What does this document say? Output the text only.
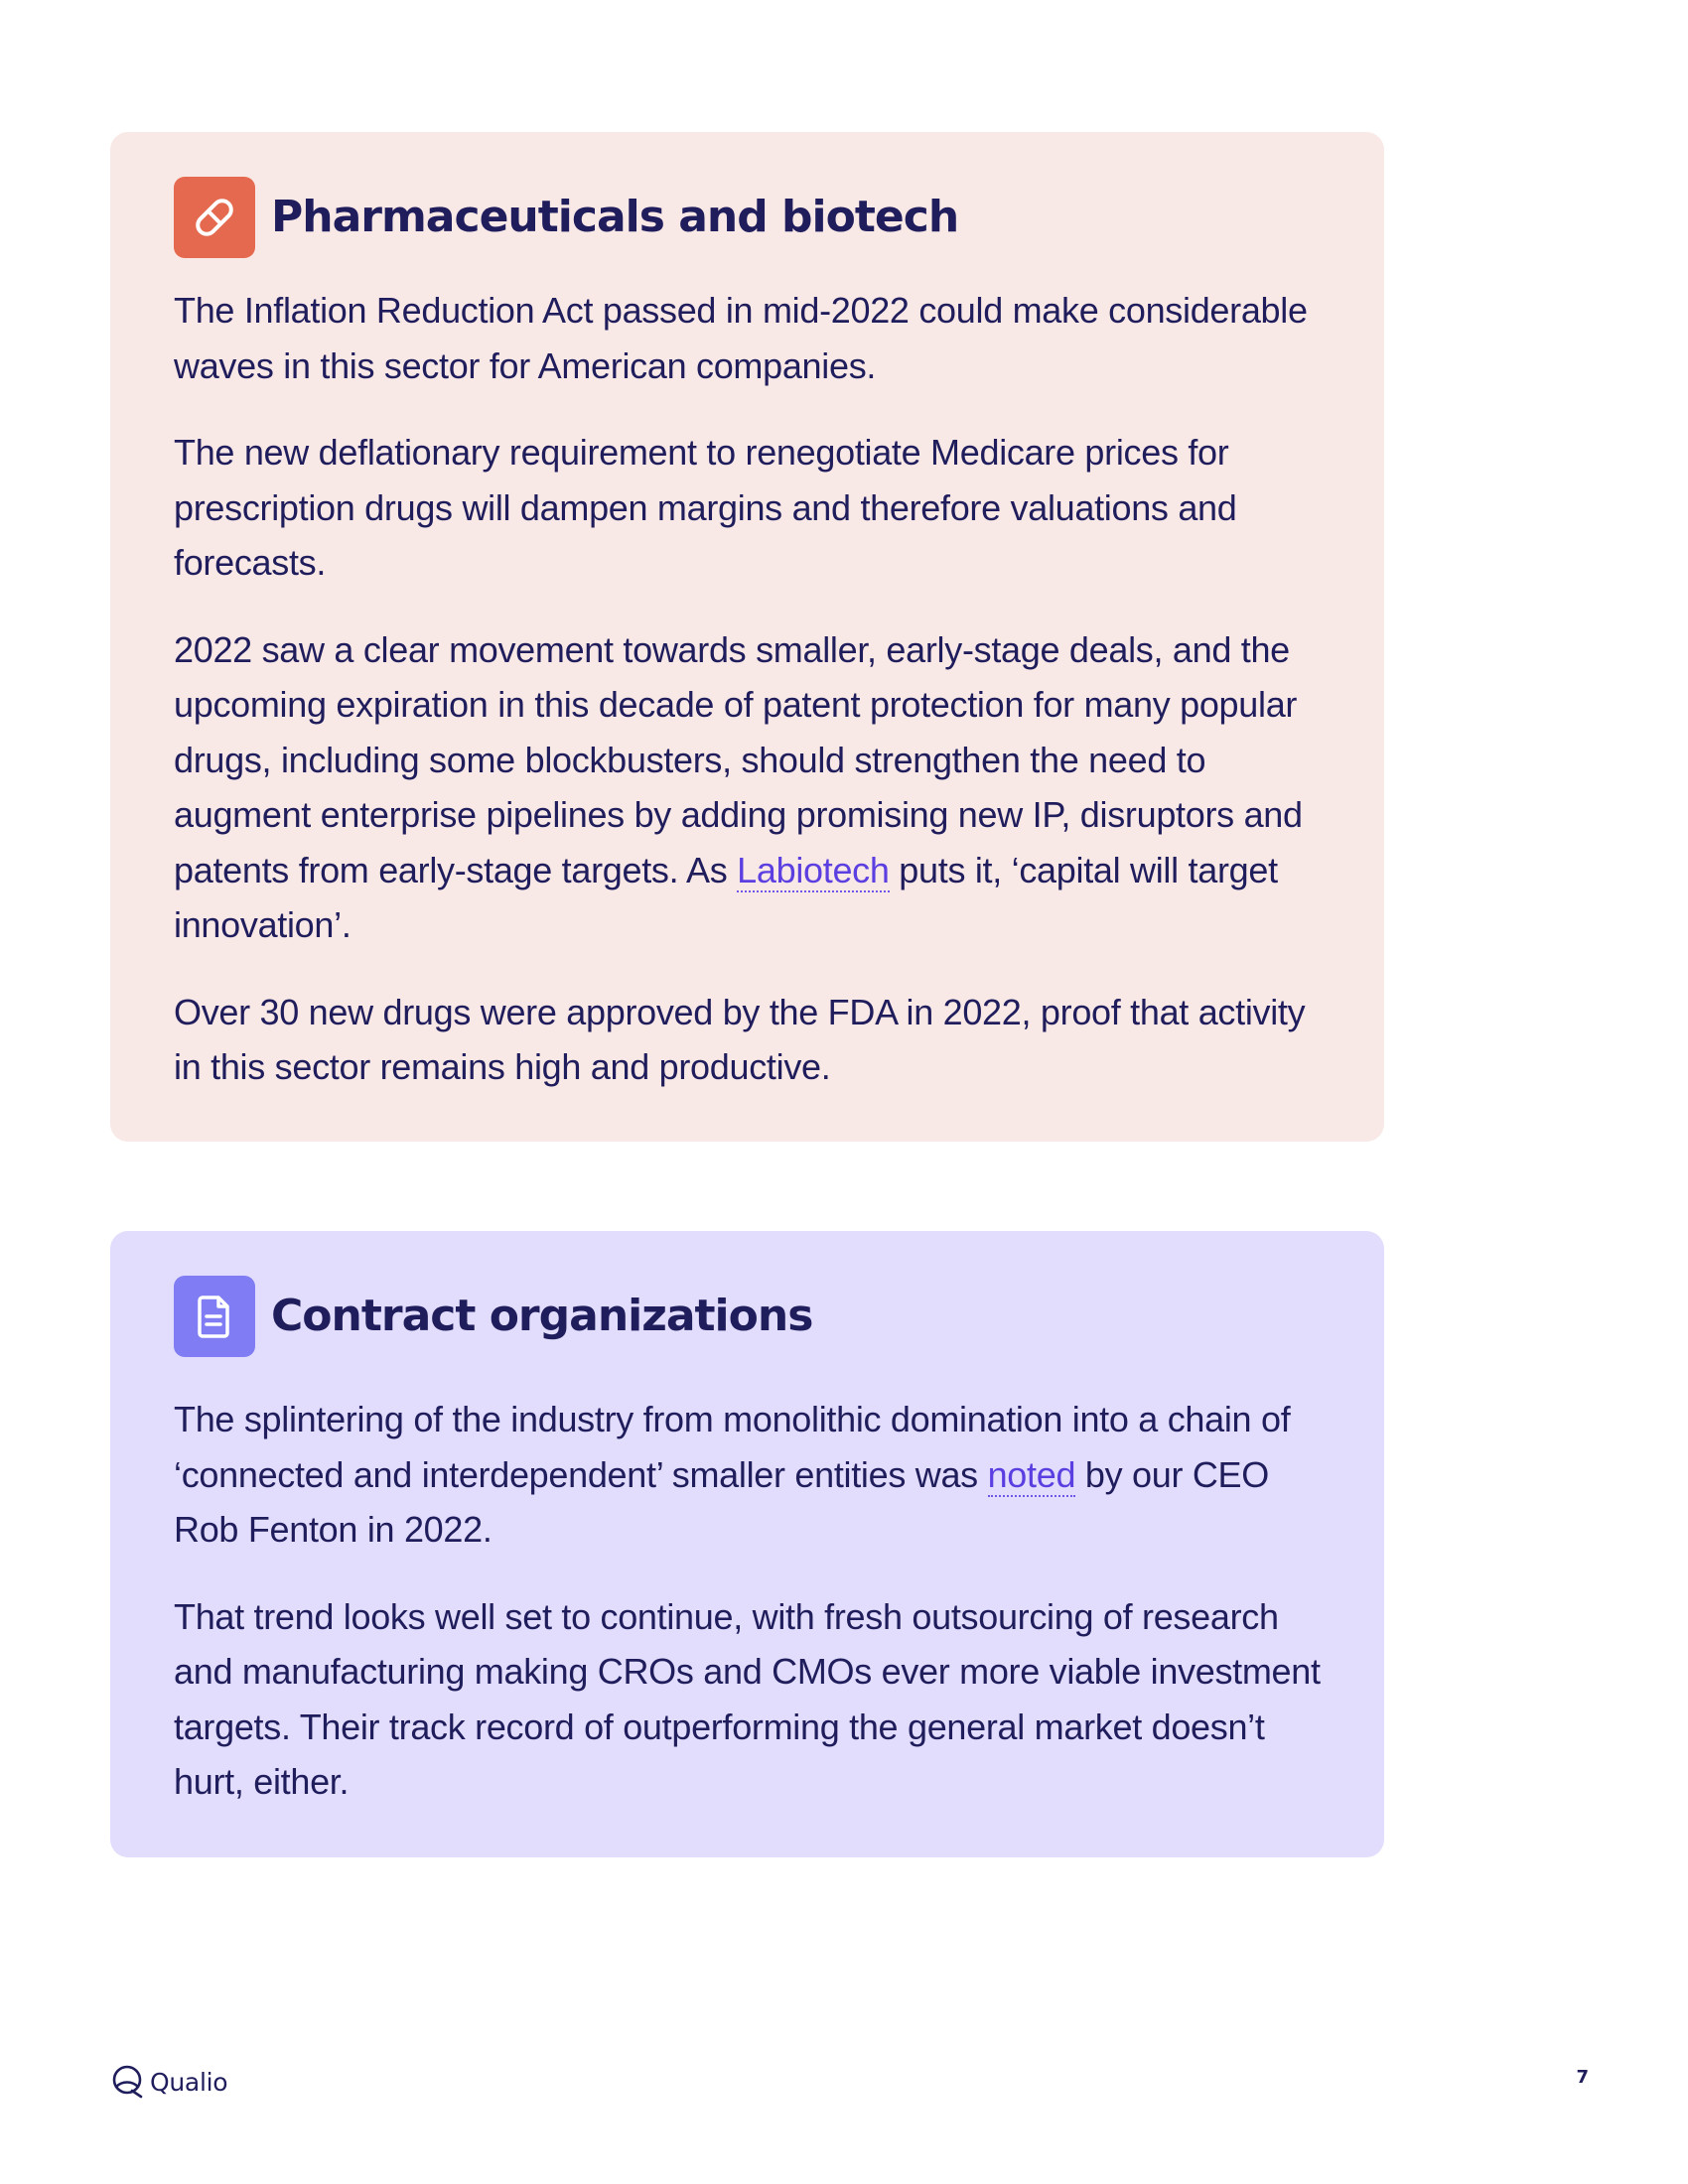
Pharmaceuticals and biotech

The Inflation Reduction Act passed in mid-2022 could make considerable waves in this sector for American companies.

The new deflationary requirement to renegotiate Medicare prices for prescription drugs will dampen margins and therefore valuations and forecasts.

2022 saw a clear movement towards smaller, early-stage deals, and the upcoming expiration in this decade of patent protection for many popular drugs, including some blockbusters, should strengthen the need to augment enterprise pipelines by adding promising new IP, disruptors and patents from early-stage targets. As Labiotech puts it, ‘capital will target innovation’.

Over 30 new drugs were approved by the FDA in 2022, proof that activity in this sector remains high and productive.

Contract organizations

The splintering of the industry from monolithic domination into a chain of ‘connected and interdependent’ smaller entities was noted by our CEO Rob Fenton in 2022.

That trend looks well set to continue, with fresh outsourcing of research and manufacturing making CROs and CMOs ever more viable investment targets. Their track record of outperforming the general market doesn’t hurt, either.

Qualio	7
